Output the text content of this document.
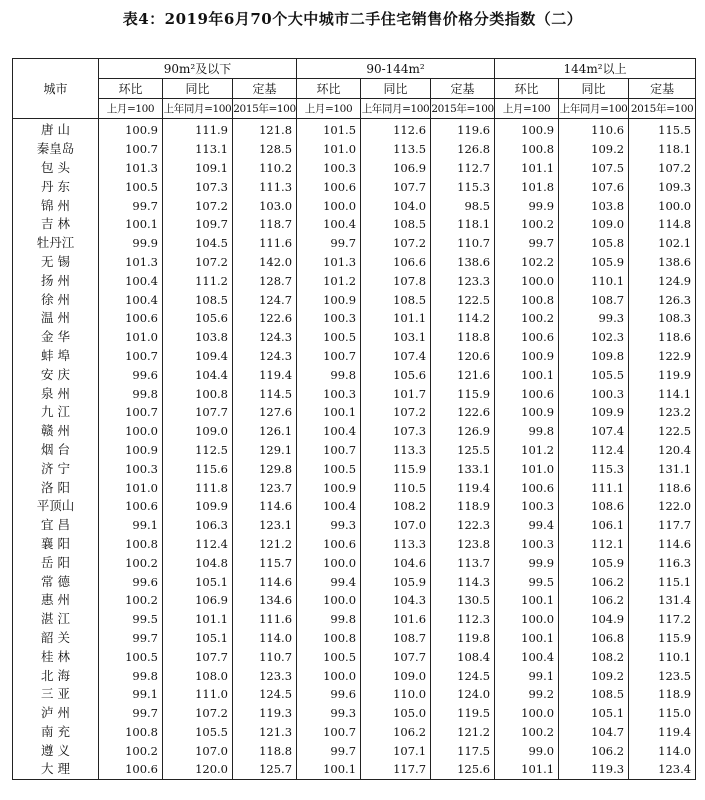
表4：2019年6月70个大中城市二手住宅销售价格分类指数（二）
城市	90m²及以下			90-144m²			144m²以上		
	环比	同比	定基	环比	同比	定基	环比	同比	定基
	上月=100	上年同月=100	2015年=100	上月=100	上年同月=100	2015年=100	上月=100	上年同月=100	2015年=100
唐 山	100.9	111.9	121.8	101.5	112.6	119.6	100.9	110.6	115.5
秦皇岛	100.7	113.1	128.5	101.0	113.5	126.8	100.8	109.2	118.1
包 头	101.3	109.1	110.2	100.3	106.9	112.7	101.1	107.5	107.2
丹 东	100.5	107.3	111.3	100.6	107.7	115.3	101.8	107.6	109.3
锦 州	99.7	107.2	103.0	100.0	104.0	98.5	99.9	103.8	100.0
吉 林	100.1	109.7	118.7	100.4	108.5	118.1	100.2	109.0	114.8
牡丹江	99.9	104.5	111.6	99.7	107.2	110.7	99.7	105.8	102.1
无 锡	101.3	107.2	142.0	101.3	106.6	138.6	102.2	105.9	138.6
扬 州	100.4	111.2	128.7	101.2	107.8	123.3	100.0	110.1	124.9
徐 州	100.4	108.5	124.7	100.9	108.5	122.5	100.8	108.7	126.3
温 州	100.6	105.6	122.6	100.3	101.1	114.2	100.2	99.3	108.3
金 华	101.0	103.8	124.3	100.5	103.1	118.8	100.6	102.3	118.6
蚌 埠	100.7	109.4	124.3	100.7	107.4	120.6	100.9	109.8	122.9
安 庆	99.6	104.4	119.4	99.8	105.6	121.6	100.1	105.5	119.9
泉 州	99.8	100.8	114.5	100.3	101.7	115.9	100.6	100.3	114.1
九 江	100.7	107.7	127.6	100.1	107.2	122.6	100.9	109.9	123.2
赣 州	100.0	109.0	126.1	100.4	107.3	126.9	99.8	107.4	122.5
烟 台	100.9	112.5	129.1	100.7	113.3	125.5	101.2	112.4	120.4
济 宁	100.3	115.6	129.8	100.5	115.9	133.1	101.0	115.3	131.1
洛 阳	101.0	111.8	123.7	100.9	110.5	119.4	100.6	111.1	118.6
平顶山	100.6	109.9	114.6	100.4	108.2	118.9	100.3	108.6	122.0
宜 昌	99.1	106.3	123.1	99.3	107.0	122.3	99.4	106.1	117.7
襄 阳	100.8	112.4	121.2	100.6	113.3	123.8	100.3	112.1	114.6
岳 阳	100.2	104.8	115.7	100.0	104.6	113.7	99.9	105.9	116.3
常 德	99.6	105.1	114.6	99.4	105.9	114.3	99.5	106.2	115.1
惠 州	100.2	106.9	134.6	100.0	104.3	130.5	100.1	106.2	131.4
湛 江	99.5	101.1	111.6	99.8	101.6	112.3	100.0	104.9	117.2
韶 关	99.7	105.1	114.0	100.8	108.7	119.8	100.1	106.8	115.9
桂 林	100.5	107.7	110.7	100.5	107.7	108.4	100.4	108.2	110.1
北 海	99.8	108.0	123.3	100.0	109.0	124.5	99.1	109.2	123.5
三 亚	99.1	111.0	124.5	99.6	110.0	124.0	99.2	108.5	118.9
泸 州	99.7	107.2	119.3	99.3	105.0	119.5	100.0	105.1	115.0
南 充	100.8	105.5	121.3	100.7	106.2	121.2	100.2	104.7	119.4
遵 义	100.2	107.0	118.8	99.7	107.1	117.5	99.0	106.2	114.0
大 理	100.6	120.0	125.7	100.1	117.7	125.6	101.1	119.3	123.4
